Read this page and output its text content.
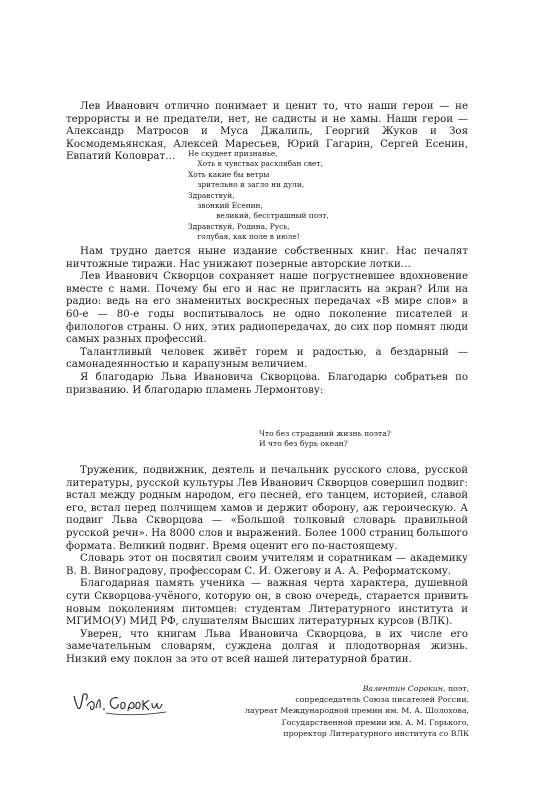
Лев Иванович отлично понимает и ценит то, что наши герои — не террористы и не предатели, нет, не садисты и не хамы. Наши герои — Александр Матросов и Муса Джалиль, Георгий Жуков и Зоя Космодемьянская, Алексей Маресьев, Юрий Гагарин, Сергей Есенин, Евпатий Коловрат…	Не скудеет признанье,
Хоть в чувствах расхлябан свет,
Хоть какие бы ветры
зрительно и загло ни дули,
Здравствуй,
звонкий Есенин,
великий, бесстрашный поэт,
Здравствуй, Родина, Русь,
голубая, как поле в июле!

Нам трудно дается ныне издание собственных книг. Нас печалят ничтожные тиражи. Нас унижают позерные авторские лотки…

Лев Иванович Скворцов сохраняет наше погрустневшее вдохновение вместе с нами. Почему бы его и нас не пригласить на экран? Или на радио: ведь на его знаменитых воскресных передачах «В мире слов» в 60-е — 80-е годы воспитывалось не одно поколение писателей и филологов страны. О них, этих радиопередачах, до сих пор помнят люди самых разных профессий.

Талантливый человек живёт горем и радостью, а бездарный — самонадеянностью и карапузным величием.

Я благодарю Льва Ивановича Скворцова. Благодарю собратьев по призванию. И благодарю пламень Лермонтову:

Что без страданий жизнь поэта?
И что без бурь океан?

Труженик, подвижник, деятель и печальник русского слова, русской литературы, русской культуры Лев Иванович Скворцов совершил подвиг: встал между родным народом, его песней, его танцем, историей, славой его, встал перед полчищем хамов и держит оборону, аж героическую. А подвиг Льва Скворцова — «Большой толковый словарь правильной русской речи». На 8000 слов и выражений. Более 1000 страниц большого формата. Великий подвиг. Время оценит его по-настоящему.

Словарь этот он посвятил своим учителям и соратникам — академику В. В. Виноградову, профессорам С. И. Ожегову и А. А. Реформатскому.

Благодарная память ученика — важная черта характера, душевной сути Скворцова-учёного, которую он, в свою очередь, старается привить новым поколениям питомцев: студентам Литературного института и МГИМО(У) МИД РФ, слушателям Высших литературных курсов (ВЛК).

Уверен, что книгам Льва Ивановича Скворцова, в их числе его замечательным словарям, суждена долгая и плодотворная жизнь. Низкий ему поклон за это от всей нашей литературной братии.

Валентин Сорокин, поэт,
сопредседатель Союза писателей России,
лауреат Международной премии им. М. А. Шолохова,
Государственной премии им. А. М. Горького,
проректор Литературного института со ВЛК
